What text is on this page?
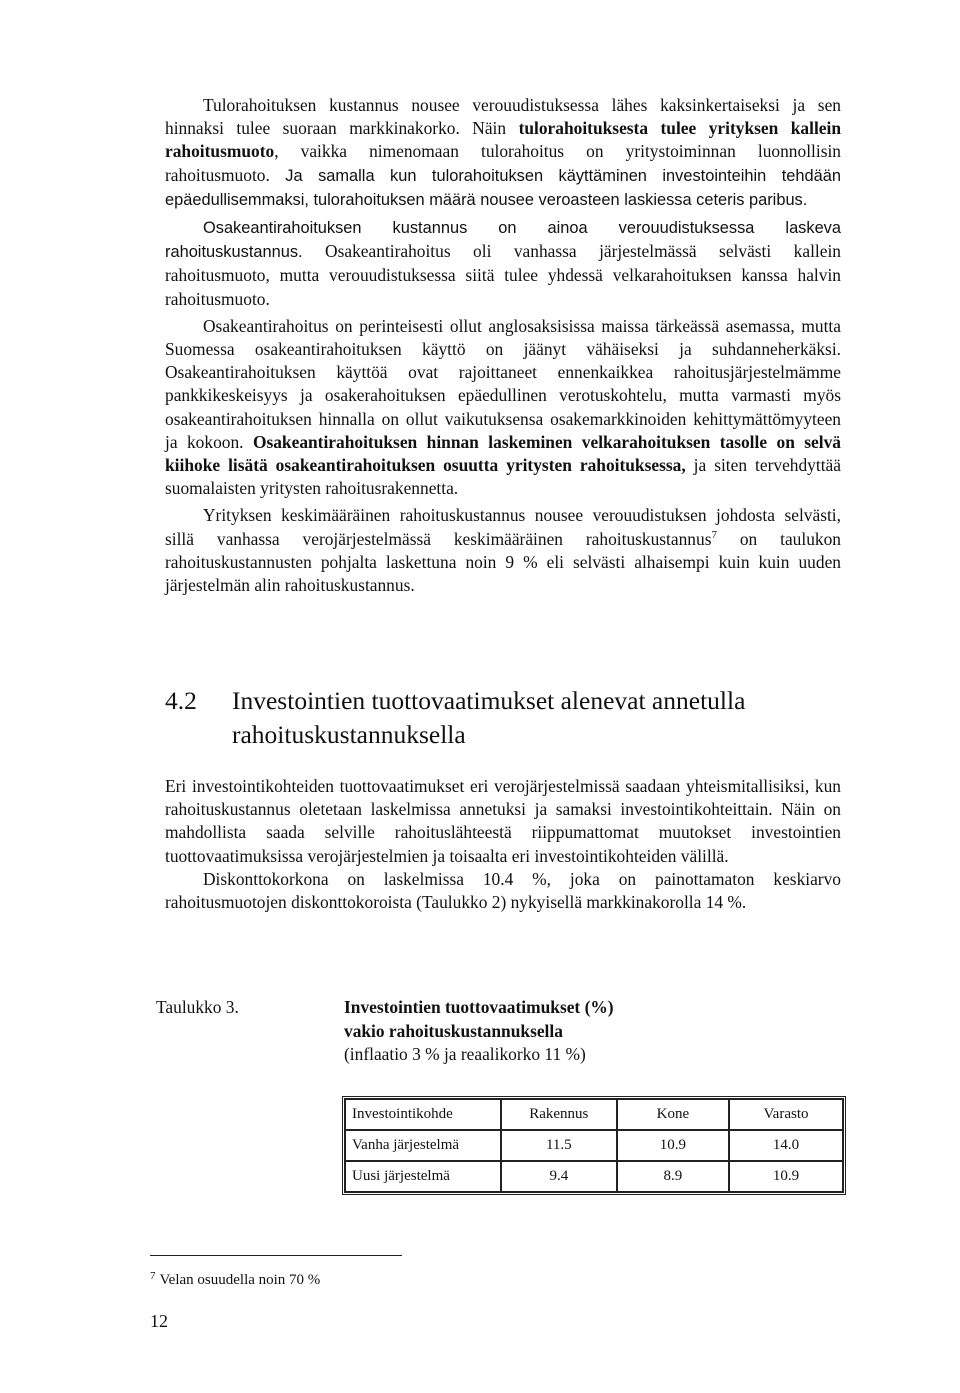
Tulorahoituksen kustannus nousee verouudistuksessa lähes kaksinkertaiseksi ja sen hinnaksi tulee suoraan markkinakorko. Näin tulorahoituksesta tulee yrityksen kallein rahoitusmuoto, vaikka nimenomaan tulorahoitus on yritystoiminnan luonnollisin rahoitusmuoto. Ja samalla kun tulorahoituksen käyttäminen investointeihin tehdään epäedullisemmaksi, tulorahoituksen määrä nousee veroasteen laskiessa ceteris paribus.

Osakeantirahoituksen kustannus on ainoa verouudistuksessa laskeva rahoituskustannus. Osakeantirahoitus oli vanhassa järjestelmässä selvästi kallein rahoitusmuoto, mutta verouudistuksessa siitä tulee yhdessä velkarahoituksen kanssa halvin rahoitusmuoto.

Osakeantirahoitus on perinteisesti ollut anglosaksisissa maissa tärkeässä asemassa, mutta Suomessa osakeantirahoituksen käyttö on jäänyt vähäiseksi ja suhdanneherkäksi. Osakeantirahoituksen käyttöä ovat rajoittaneet ennenkaikkea rahoitusjärjestelmämme pankkikeskeisyys ja osakerahoituksen epäedullinen verotuskohtelu, mutta varmasti myös osakeantirahoituksen hinnalla on ollut vaikutuksensa osakemarkkinoiden kehittymättömyyteen ja kokoon. Osakeantirahoituksen hinnan laskeminen velkarahoituksen tasolle on selvä kiihoke lisätä osakeantirahoituksen osuutta yritysten rahoituksessa, ja siten tervehdyttää suomalaisten yritysten rahoitusrakennetta.

Yrityksen keskimääräinen rahoituskustannus nousee verouudistuksen johdosta selvästi, sillä vanhassa verojärjestelmässä keskimääräinen rahoituskustannus$^7$ on taulukon rahoituskustannusten pohjalta laskettuna noin 9 % eli selvästi alhaisempi kuin kuin uuden järjestelmän alin rahoituskustannus.

4.2	Investointien tuottovaatimukset alenevat annetulla rahoituskustannuksella

Eri investointikohteiden tuottovaatimukset eri verojärjestelmissä saadaan yhteismitallisiksi, kun rahoituskustannus oletetaan laskelmissa annetuksi ja samaksi investointikohteittain. Näin on mahdollista saada selville rahoituslähteestä riippumattomat muutokset investointien tuottovaatimuksissa verojärjestelmien ja toisaalta eri investointikohteiden välillä.

Diskonttokorkona on laskelmissa 10.4 %, joka on painottamaton keskiarvo rahoitusmuotojen diskonttokoroista (Taulukko 2) nykyisellä markkinakorolla 14 %.

Taulukko 3.	Investointien tuottovaatimukset (%)
vakio rahoituskustannuksella
(inflaatio 3 % ja reaalikorko 11 %)
Investointikohde	Rakennus	Kone	Varasto
Vanha järjestelmä	11.5	10.9	14.0
Uusi järjestelmä	9.4	8.9	10.9
$^7$ Velan osuudella noin 70 %
12
